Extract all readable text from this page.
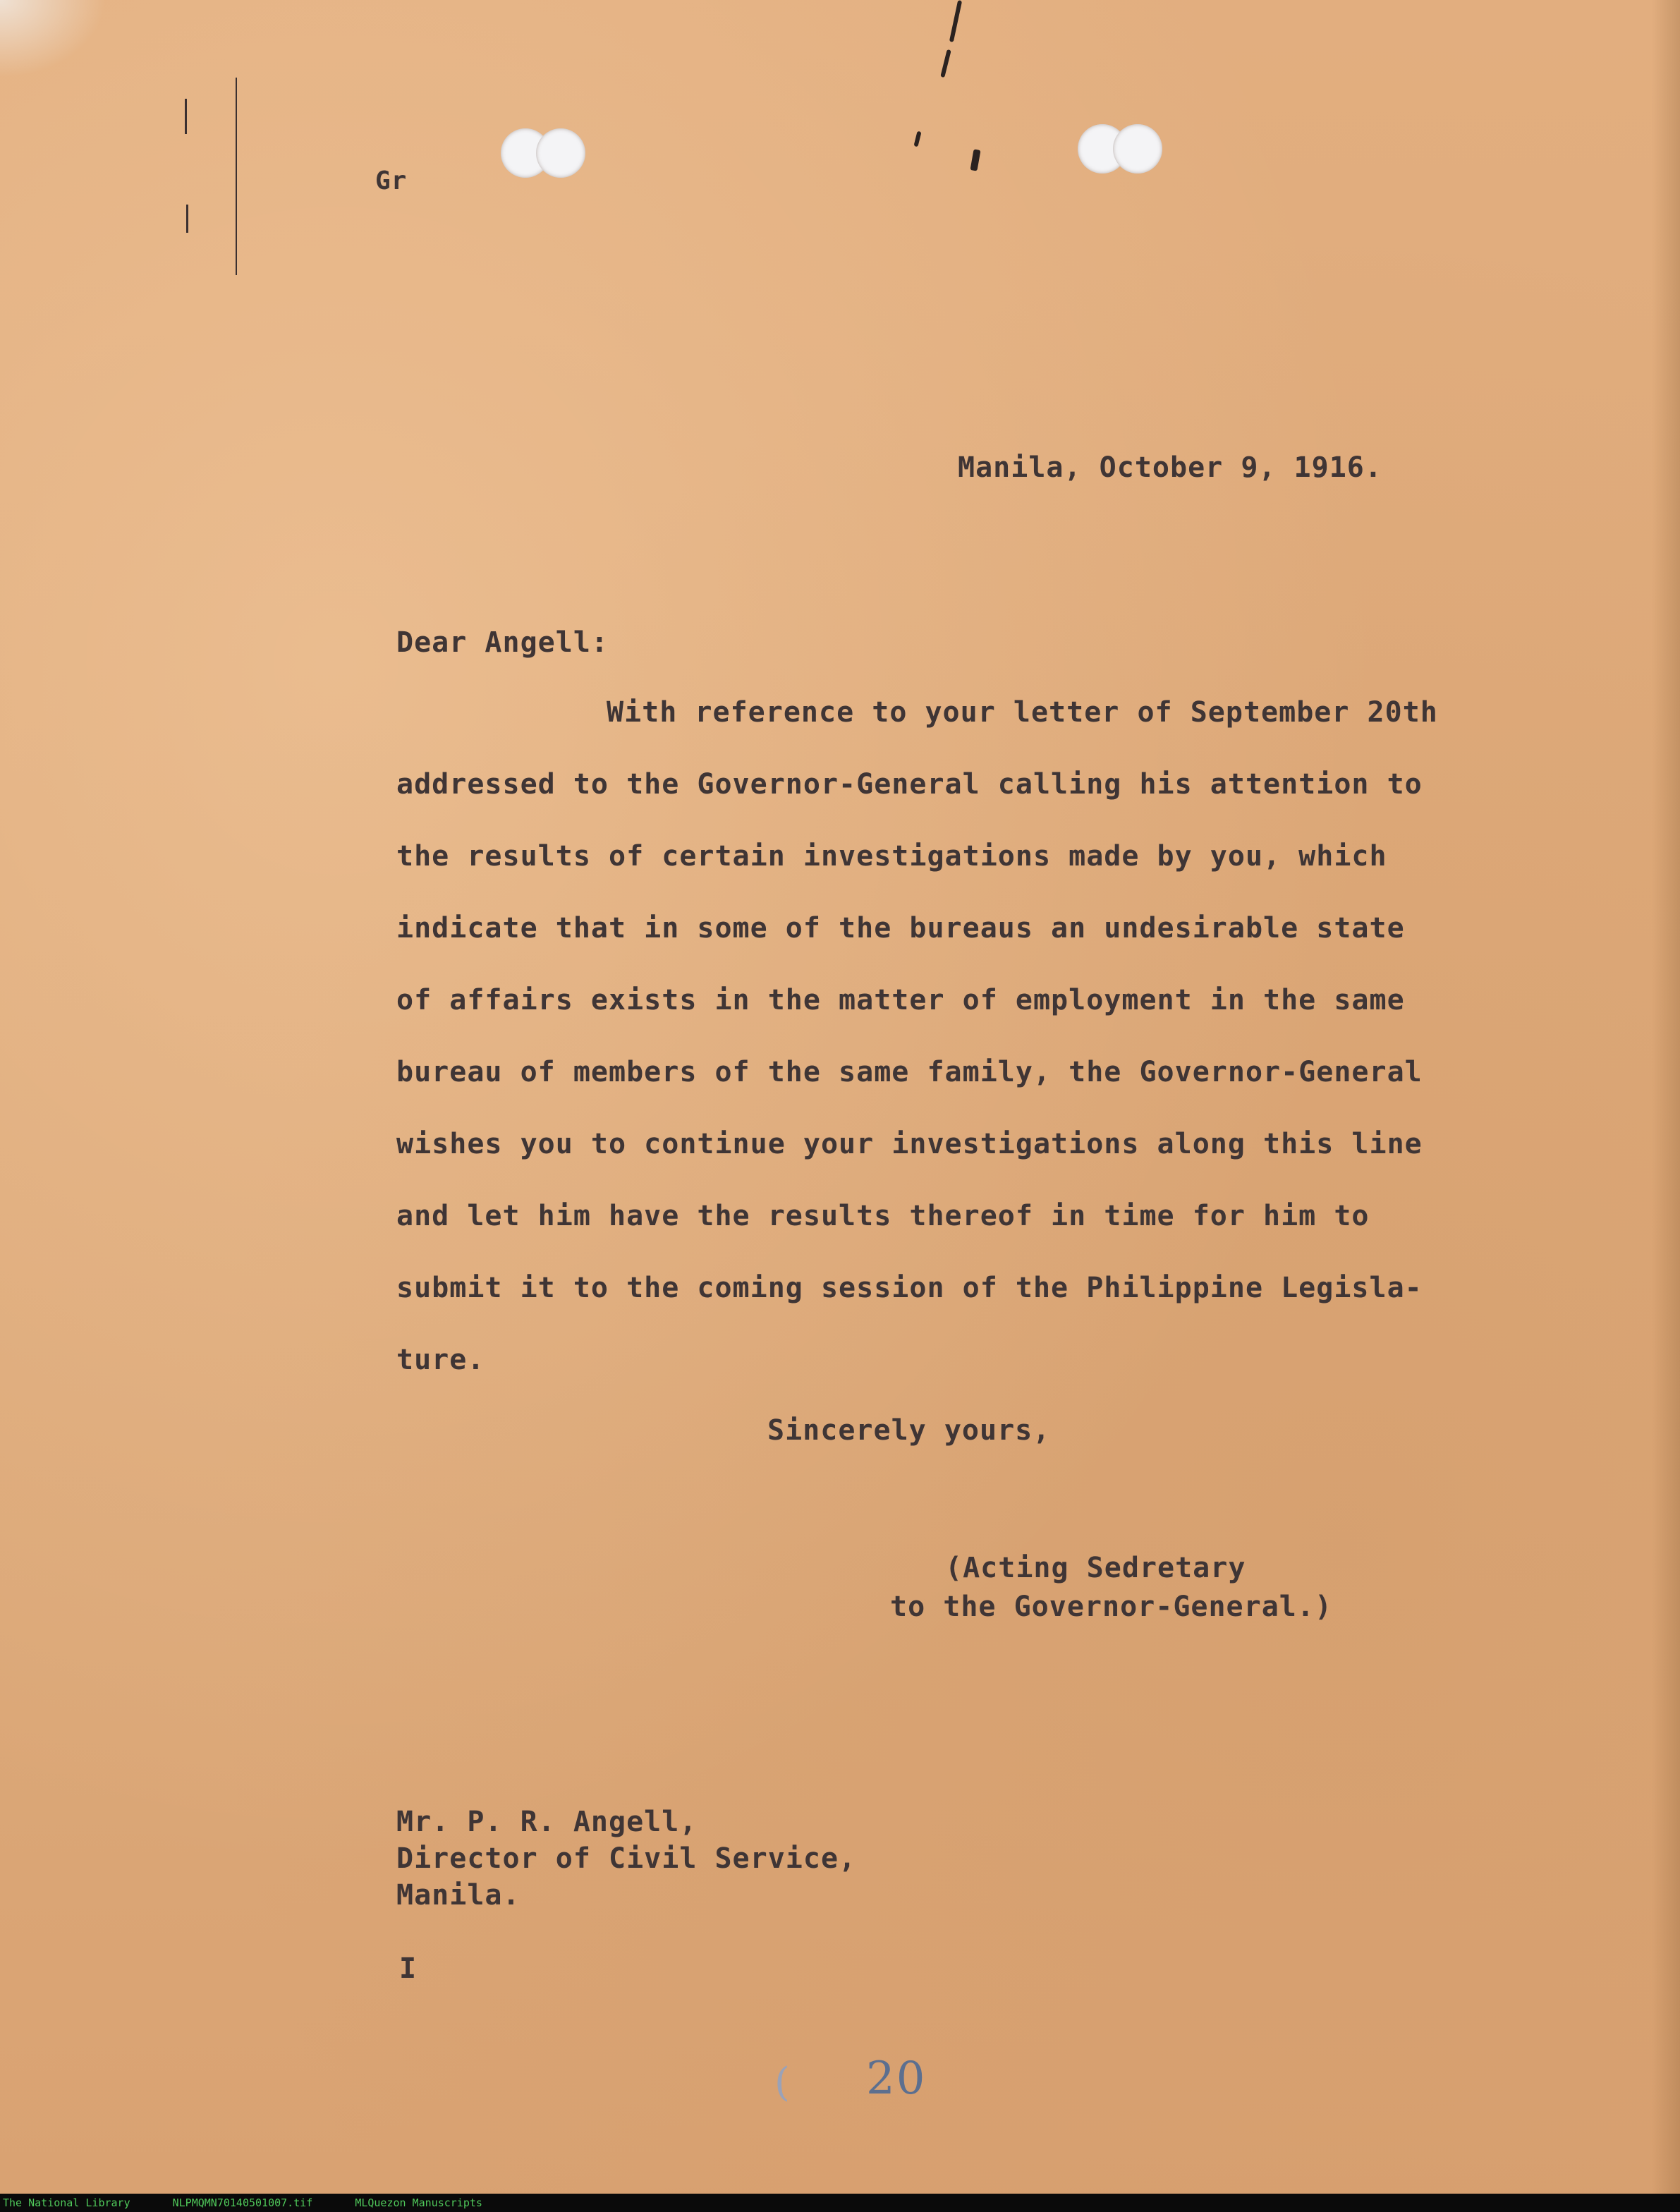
Gr

Manila, October 9, 1916.

Dear Angell:

With reference to your letter of September 20th
addressed to the Governor-General calling his attention to
the results of certain investigations made by you, which
indicate that in some of the bureaus an undesirable state
of affairs exists in the matter of employment in the same
bureau of members of the same family, the Governor-General
wishes you to continue your investigations along this line
and let him have the results thereof in time for him to
submit it to the coming session of the Philippine Legisla-
ture.

Sincerely yours,

(Acting Sedretary

to the Governor-General.)

Mr. P. R. Angell,

Director of Civil Service,

Manila.

I

( 20
The National Library	NLPMQMN70140501007.tif	MLQuezon Manuscripts
